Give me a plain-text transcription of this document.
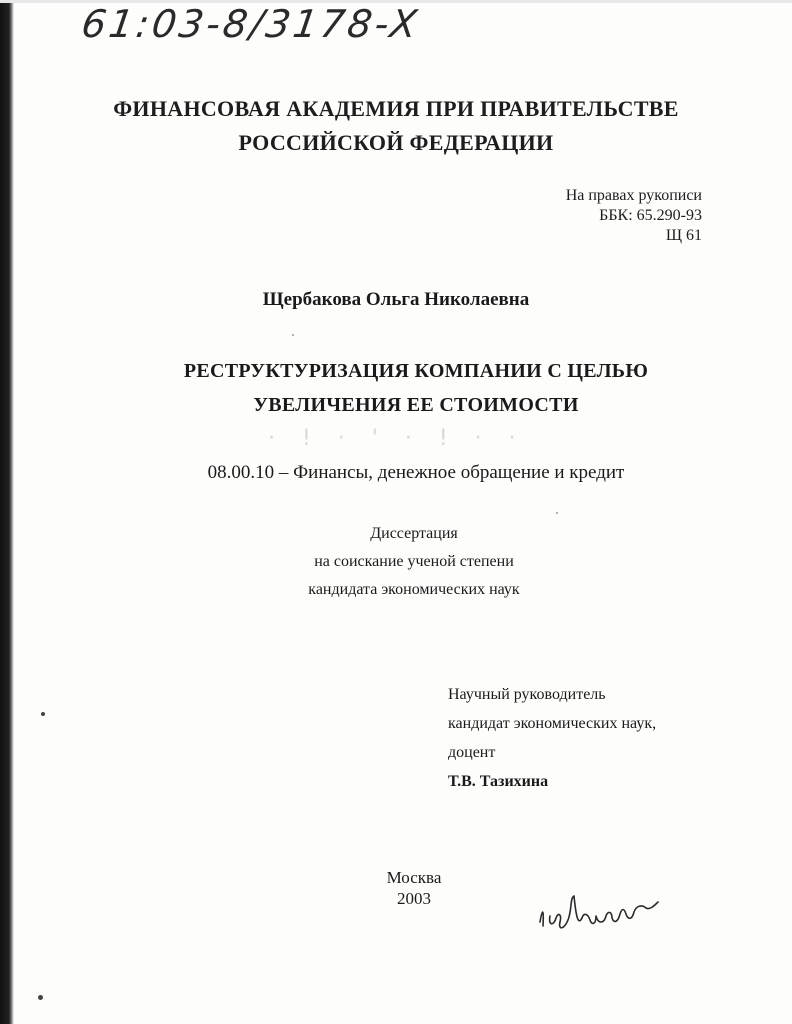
61:03-8/3178-X
ФИНАНСОВАЯ АКАДЕМИЯ ПРИ ПРАВИТЕЛЬСТВЕ
РОССИЙСКОЙ ФЕДЕРАЦИИ
На правах рукописи
ББК: 65.290-93
Щ 61
Щербакова Ольга Николаевна
РЕСТРУКТУРИЗАЦИЯ КОМПАНИИ С ЦЕЛЬЮ
УВЕЛИЧЕНИЯ ЕЕ СТОИМОСТИ
· ! · ' · ! · ·
08.00.10 – Финансы, денежное обращение и кредит
Диссертация
на соискание ученой степени
кандидата экономических наук
Научный руководитель
кандидат экономических наук,
доцент
Т.В. Тазихина
Москва
2003
